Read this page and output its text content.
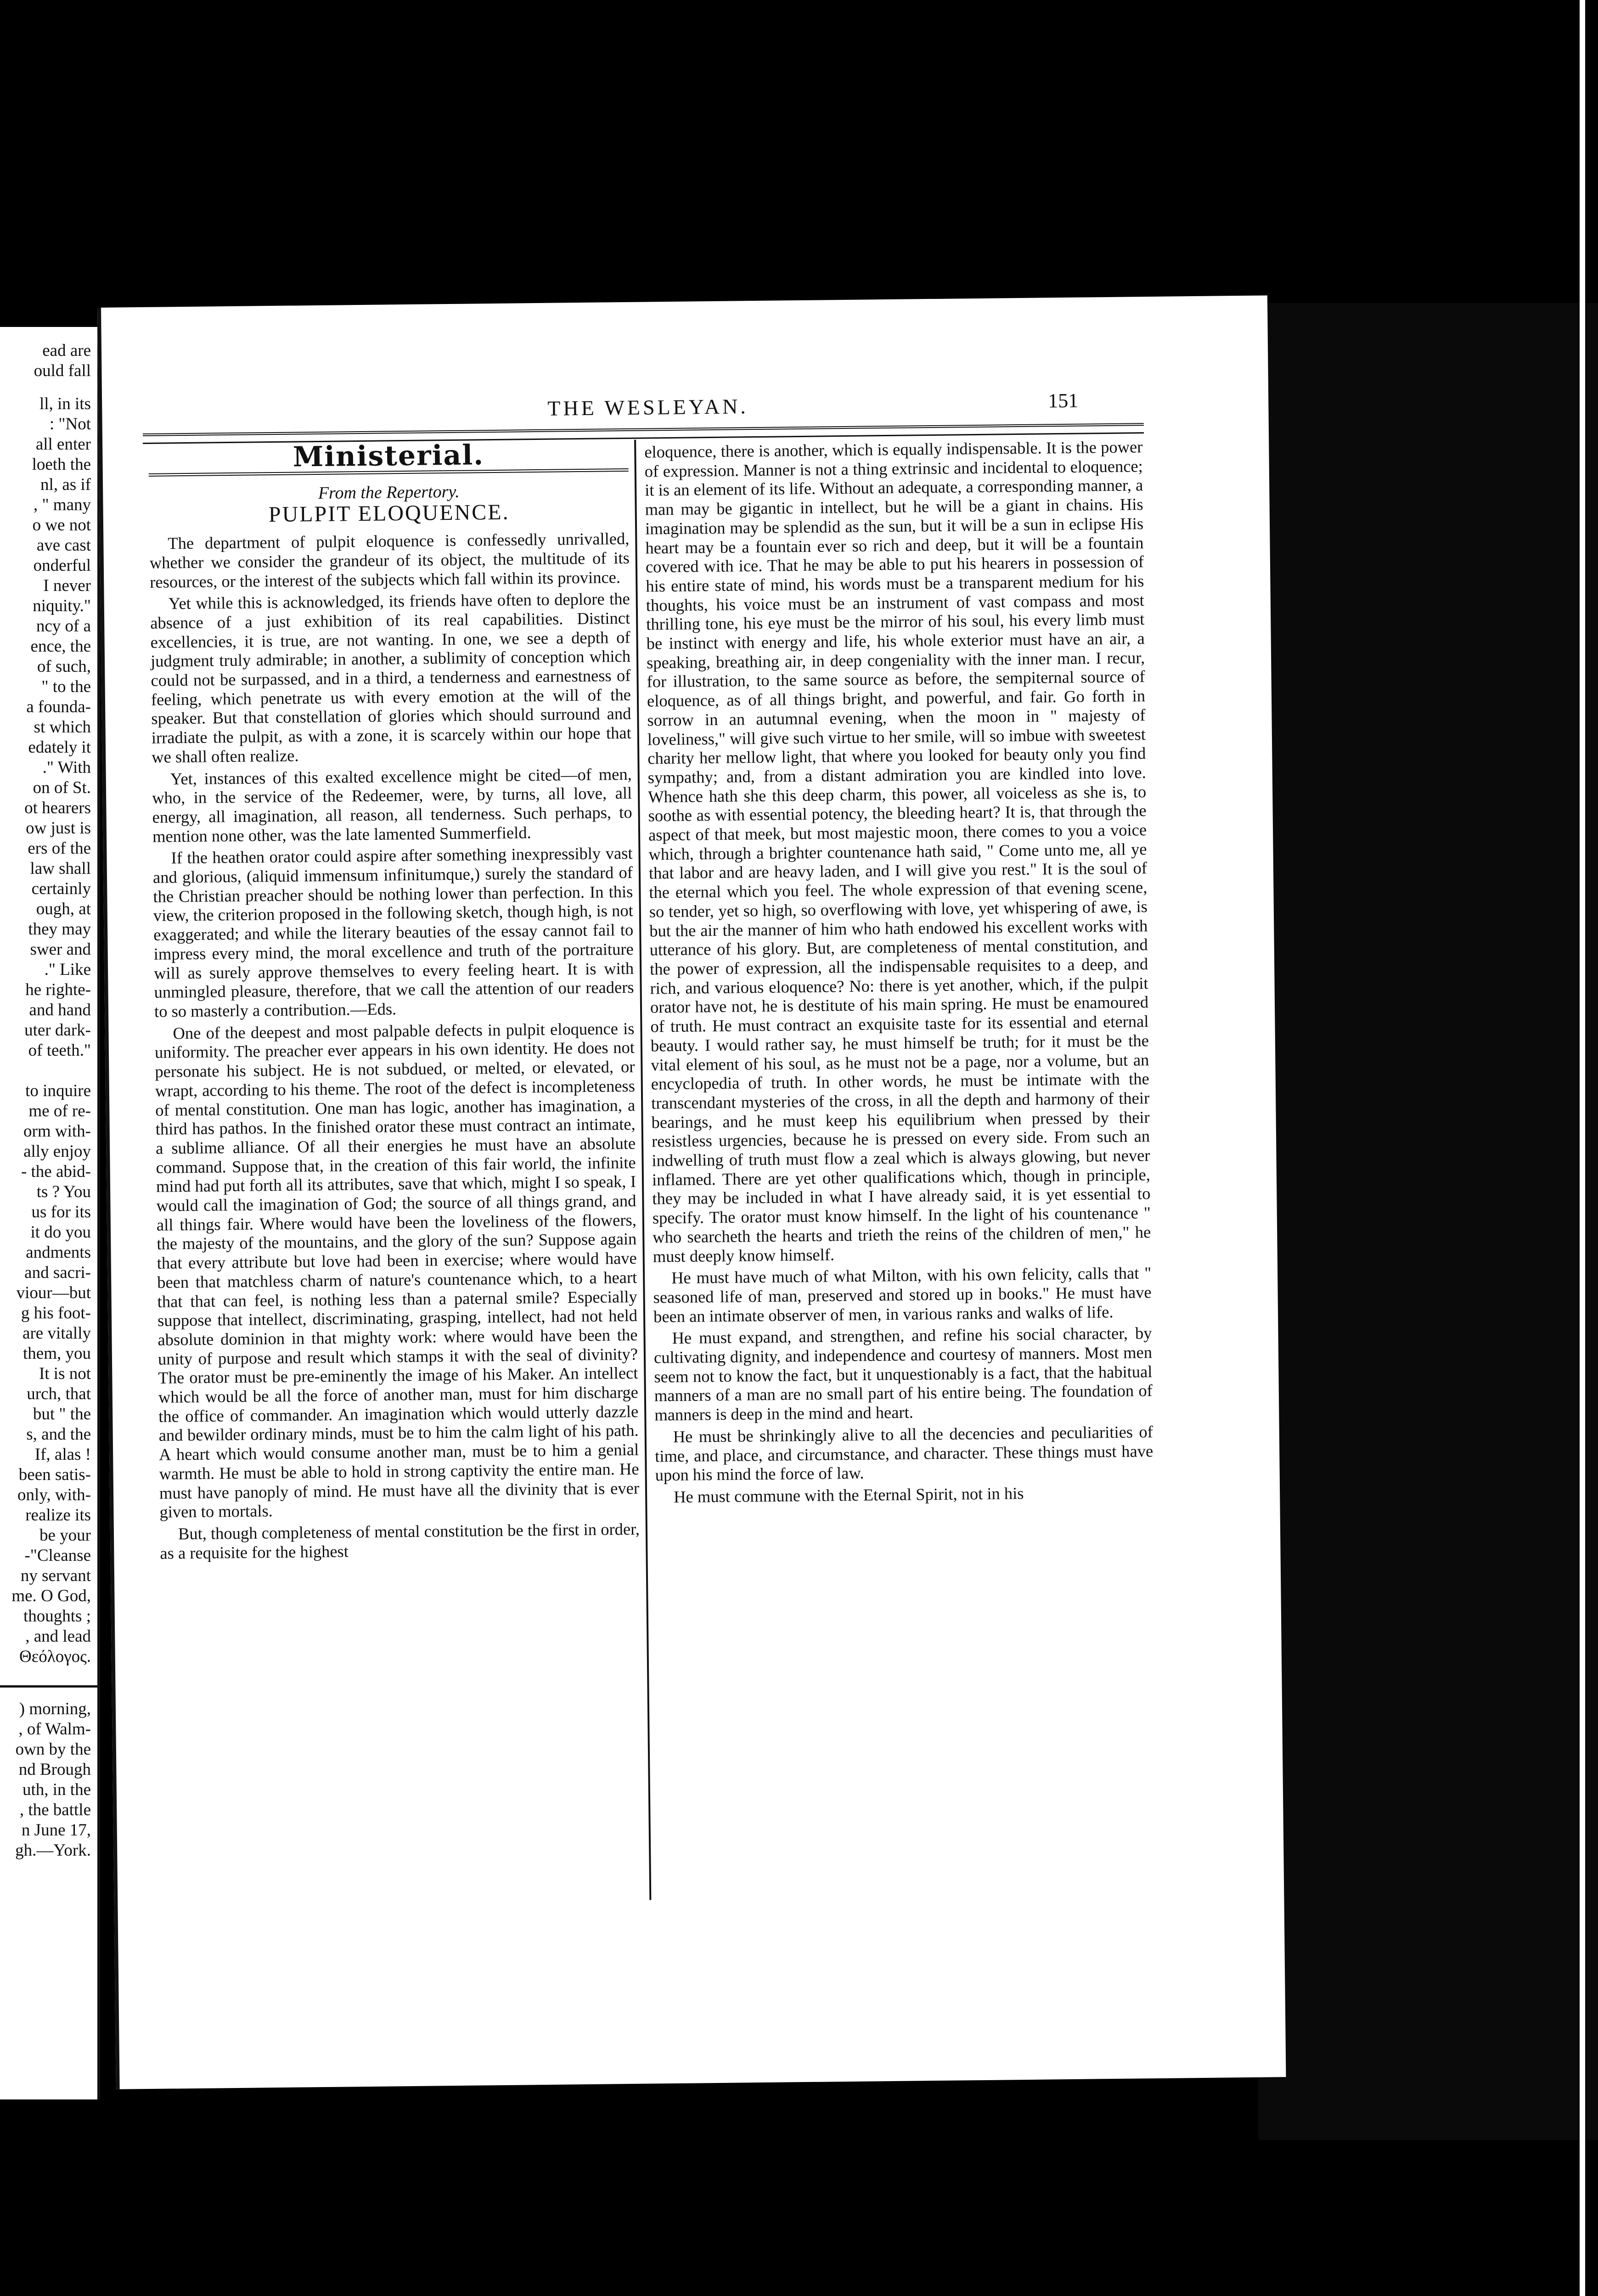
ead are
ould fall
ll, in its
: "Not
all enter
loeth the
nl, as if
, " many
o we not
ave cast
onderful
I never
niquity."
ncy of a
ence, the
of such,
" to the
a founda-
st which
edately it
." With
on of St.
ot hearers
ow just is
ers of the
law shall
certainly
ough, at
they may
swer and
." Like
he righte-
and hand
uter dark-
of teeth."
to inquire
me of re-
orm with-
ally enjoy
- the abid-
ts ? You
us for its
it do you
andments
and sacri-
viour—but
g his foot-
are vitally
them, you
It is not
urch, that
but " the
s, and the
If, alas !
been satis-
only, with-
realize its
be your
-"Cleanse
ny servant
me. O God,
thoughts ;
, and lead
Θεόλογος.
) morning,
, of Walm-
own by the
nd Brough
uth, in the
, the battle
n June 17,
gh.—York.
THE WESLEYAN.	151
Ministerial.
From the Repertory.
PULPIT ELOQUENCE.

The department of pulpit eloquence is confessedly unrivalled, whether we consider the grandeur of its object, the multitude of its resources, or the interest of the subjects which fall within its province.

Yet while this is acknowledged, its friends have often to deplore the absence of a just exhibition of its real capabilities. Distinct excellencies, it is true, are not wanting. In one, we see a depth of judgment truly admirable; in another, a sublimity of conception which could not be surpassed, and in a third, a tenderness and earnestness of feeling, which penetrate us with every emotion at the will of the speaker. But that constellation of glories which should surround and irradiate the pulpit, as with a zone, it is scarcely within our hope that we shall often realize.

Yet, instances of this exalted excellence might be cited—of men, who, in the service of the Redeemer, were, by turns, all love, all energy, all imagination, all reason, all tenderness. Such perhaps, to mention none other, was the late lamented Summerfield.

If the heathen orator could aspire after something inexpressibly vast and glorious, (aliquid immensum infinitumque,) surely the standard of the Christian preacher should be nothing lower than perfection. In this view, the criterion proposed in the following sketch, though high, is not exaggerated; and while the literary beauties of the essay cannot fail to impress every mind, the moral excellence and truth of the portraiture will as surely approve themselves to every feeling heart. It is with unmingled pleasure, therefore, that we call the attention of our readers to so masterly a contribution.—Eds.

One of the deepest and most palpable defects in pulpit eloquence is uniformity. The preacher ever appears in his own identity. He does not personate his subject. He is not subdued, or melted, or elevated, or wrapt, according to his theme. The root of the defect is incompleteness of mental constitution. One man has logic, another has imagination, a third has pathos. In the finished orator these must contract an intimate, a sublime alliance. Of all their energies he must have an absolute command. Suppose that, in the creation of this fair world, the infinite mind had put forth all its attributes, save that which, might I so speak, I would call the imagination of God; the source of all things grand, and all things fair. Where would have been the loveliness of the flowers, the majesty of the mountains, and the glory of the sun? Suppose again that every attribute but love had been in exercise; where would have been that matchless charm of nature's countenance which, to a heart that that can feel, is nothing less than a paternal smile? Especially suppose that intellect, discriminating, grasping, intellect, had not held absolute dominion in that mighty work: where would have been the unity of purpose and result which stamps it with the seal of divinity? The orator must be pre-eminently the image of his Maker. An intellect which would be all the force of another man, must for him discharge the office of commander. An imagination which would utterly dazzle and bewilder ordinary minds, must be to him the calm light of his path. A heart which would consume another man, must be to him a genial warmth. He must be able to hold in strong captivity the entire man. He must have panoply of mind. He must have all the divinity that is ever given to mortals.

But, though completeness of mental constitution be the first in order, as a requisite for the highest

eloquence, there is another, which is equally indispensable. It is the power of expression. Manner is not a thing extrinsic and incidental to eloquence; it is an element of its life. Without an adequate, a corresponding manner, a man may be gigantic in intellect, but he will be a giant in chains. His imagination may be splendid as the sun, but it will be a sun in eclipse His heart may be a fountain ever so rich and deep, but it will be a fountain covered with ice. That he may be able to put his hearers in possession of his entire state of mind, his words must be a transparent medium for his thoughts, his voice must be an instrument of vast compass and most thrilling tone, his eye must be the mirror of his soul, his every limb must be instinct with energy and life, his whole exterior must have an air, a speaking, breathing air, in deep congeniality with the inner man. I recur, for illustration, to the same source as before, the sempiternal source of eloquence, as of all things bright, and powerful, and fair. Go forth in sorrow in an autumnal evening, when the moon in " majesty of loveliness," will give such virtue to her smile, will so imbue with sweetest charity her mellow light, that where you looked for beauty only you find sympathy; and, from a distant admiration you are kindled into love. Whence hath she this deep charm, this power, all voiceless as she is, to soothe as with essential potency, the bleeding heart? It is, that through the aspect of that meek, but most majestic moon, there comes to you a voice which, through a brighter countenance hath said, " Come unto me, all ye that labor and are heavy laden, and I will give you rest." It is the soul of the eternal which you feel. The whole expression of that evening scene, so tender, yet so high, so overflowing with love, yet whispering of awe, is but the air the manner of him who hath endowed his excellent works with utterance of his glory. But, are completeness of mental constitution, and the power of expression, all the indispensable requisites to a deep, and rich, and various eloquence? No: there is yet another, which, if the pulpit orator have not, he is destitute of his main spring. He must be enamoured of truth. He must contract an exquisite taste for its essential and eternal beauty. I would rather say, he must himself be truth; for it must be the vital element of his soul, as he must not be a page, nor a volume, but an encyclopedia of truth. In other words, he must be intimate with the transcendant mysteries of the cross, in all the depth and harmony of their bearings, and he must keep his equilibrium when pressed by their resistless urgencies, because he is pressed on every side. From such an indwelling of truth must flow a zeal which is always glowing, but never inflamed. There are yet other qualifications which, though in principle, they may be included in what I have already said, it is yet essential to specify. The orator must know himself. In the light of his countenance " who searcheth the hearts and trieth the reins of the children of men," he must deeply know himself.

He must have much of what Milton, with his own felicity, calls that " seasoned life of man, preserved and stored up in books." He must have been an intimate observer of men, in various ranks and walks of life.

He must expand, and strengthen, and refine his social character, by cultivating dignity, and independence and courtesy of manners. Most men seem not to know the fact, but it unquestionably is a fact, that the habitual manners of a man are no small part of his entire being. The foundation of manners is deep in the mind and heart.

He must be shrinkingly alive to all the decencies and peculiarities of time, and place, and circumstance, and character. These things must have upon his mind the force of law.

He must commune with the Eternal Spirit, not in his
